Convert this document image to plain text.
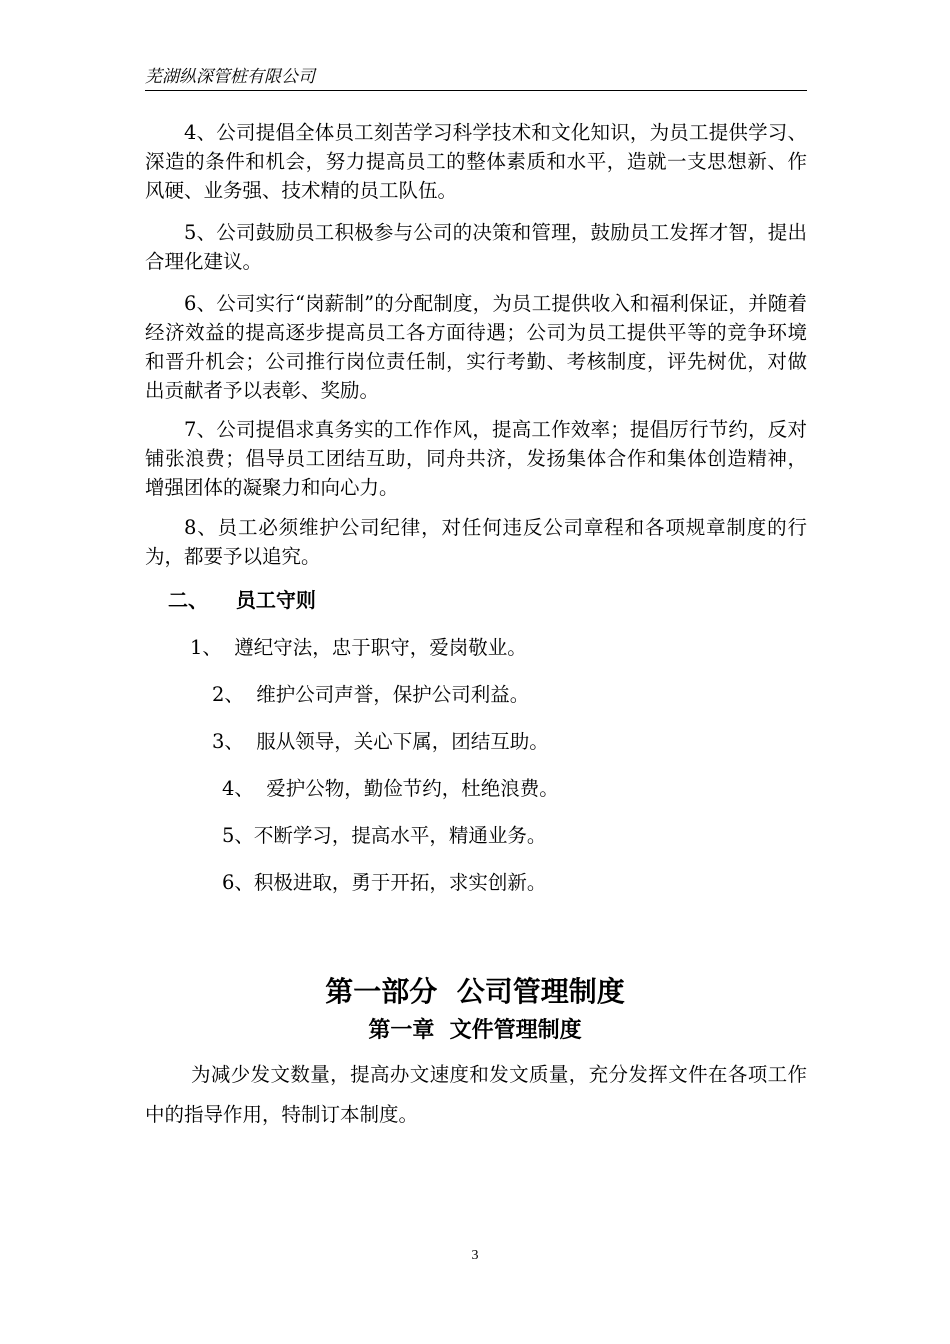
芜湖纵深管桩有限公司

4、公司提倡全体员工刻苦学习科学技术和文化知识，为员工提供学习、深造的条件和机会，努力提高员工的整体素质和水平，造就一支思想新、作风硬、业务强、技术精的员工队伍。

5、公司鼓励员工积极参与公司的决策和管理，鼓励员工发挥才智，提出合理化建议。

6、公司实行“岗薪制”的分配制度，为员工提供收入和福利保证，并随着经济效益的提高逐步提高员工各方面待遇；公司为员工提供平等的竞争环境和晋升机会；公司推行岗位责任制，实行考勤、考核制度，评先树优，对做出贡献者予以表彰、奖励。

7、公司提倡求真务实的工作作风，提高工作效率；提倡厉行节约，反对铺张浪费；倡导员工团结互助，同舟共济，发扬集体合作和集体创造精神，增强团体的凝聚力和向心力。

8、员工必须维护公司纪律，对任何违反公司章程和各项规章制度的行为，都要予以追究。

二、    员工守则
1、  遵纪守法，忠于职守，爱岗敬业。
2、  维护公司声誉，保护公司利益。
3、  服从领导，关心下属，团结互助。
4、  爱护公物，勤俭节约，杜绝浪费。
5、不断学习，提高水平，精通业务。
6、积极进取，勇于开拓，求实创新。
第一部分  公司管理制度
第一章  文件管理制度

为减少发文数量，提高办文速度和发文质量，充分发挥文件在各项工作中的指导作用，特制订本制度。

3
